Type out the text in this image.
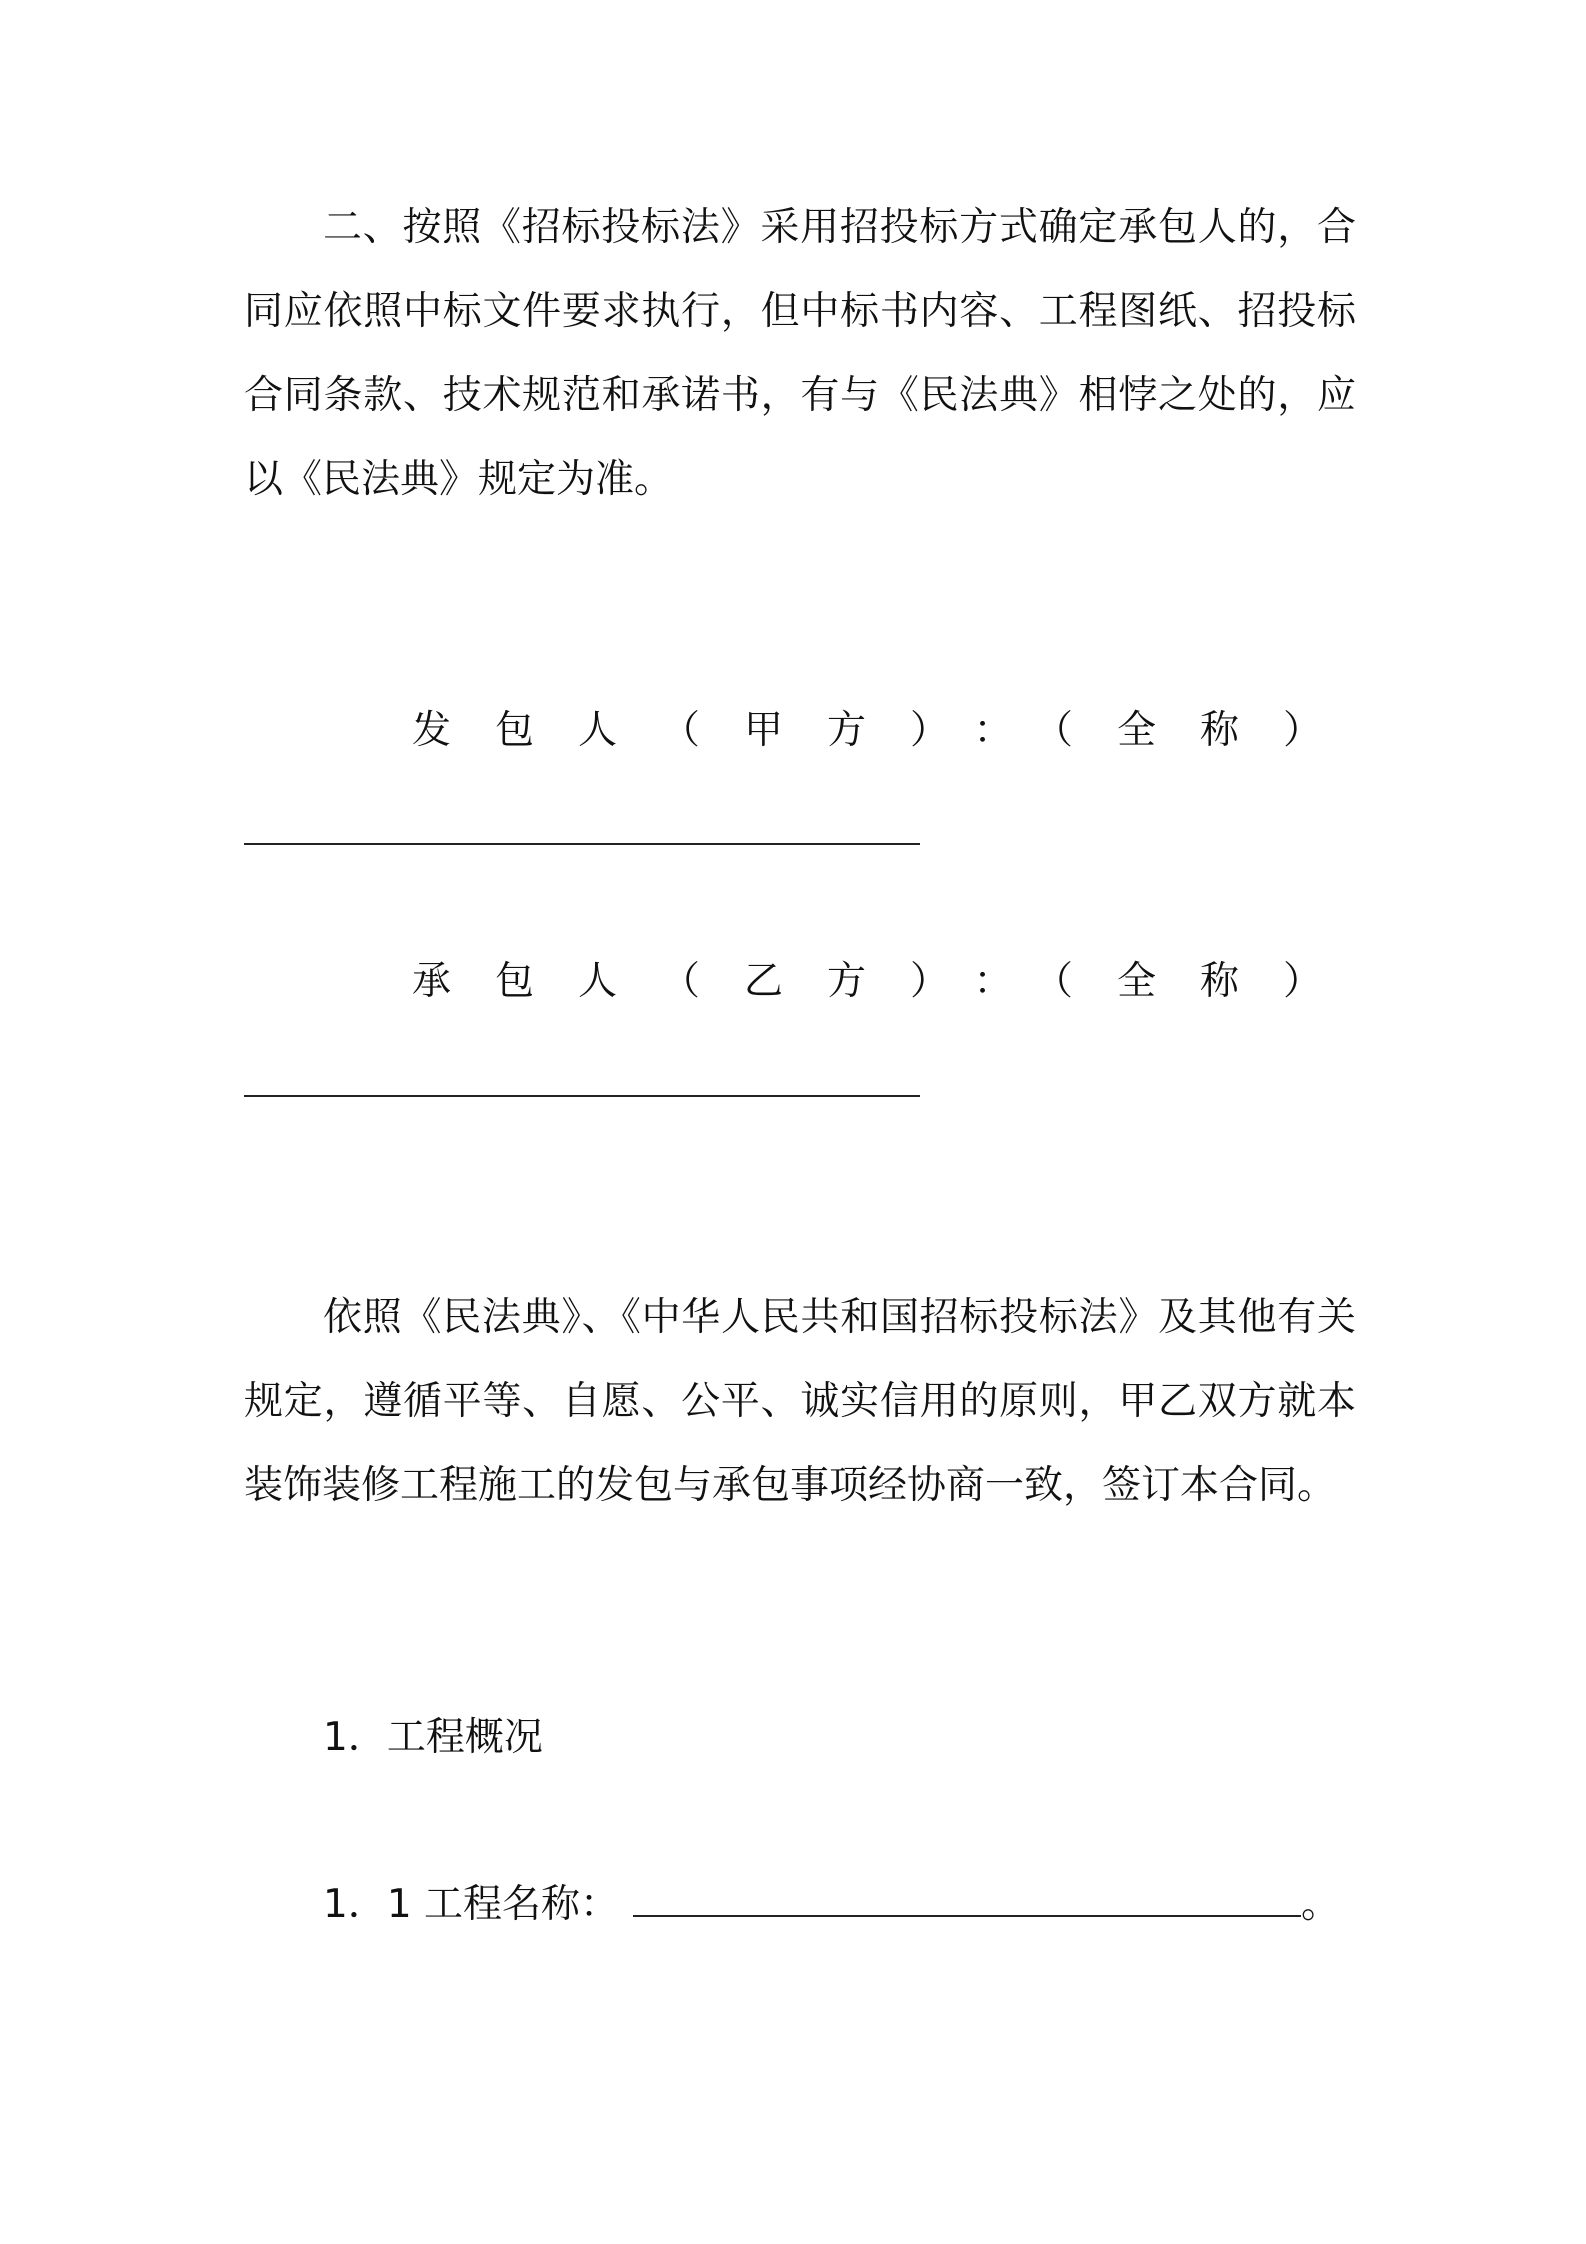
二、按照《招标投标法》采用招投标方式确定承包人的，合同应依照中标文件要求执行，但中标书内容、工程图纸、招投标合同条款、技术规范和承诺书，有与《民法典》相悖之处的，应以《民法典》规定为准。

发包人（甲方）：
（全称）
承包人（乙方）：
（全称）

依照《民法典》、《中华人民共和国招标投标法》及其他有关规定，遵循平等、自愿、公平、诚实信用的原则，甲乙双方就本装饰装修工程施工的发包与承包事项经协商一致，签订本合同。

1．工程概况
1．1 工程名称：	。
